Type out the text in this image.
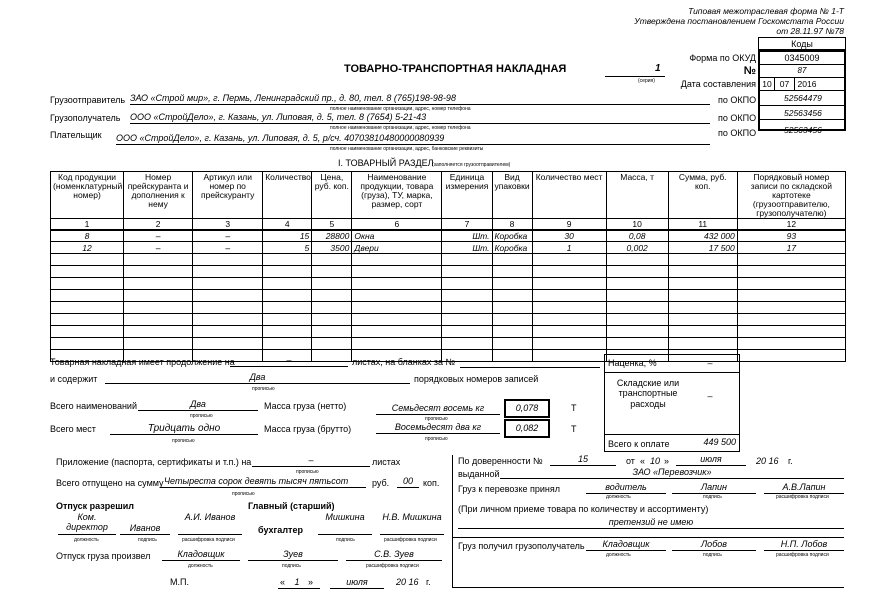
Типовая межотраслевая форма № 1-Т
Утверждена постановлением Госкомстата России
от 28.11.97 №78
Коды
ТОВАРНО-ТРАНСПОРТНАЯ НАКЛАДНАЯ	1
(серия)
Форма по ОКУД	0345009
№	87
Дата составления 10 07 2016
Грузоотправитель ЗАО «Строй мир», г. Пермь, Ленинградский пр., д. 80, тел. 8 (765)198-98-98
полное наименование организации, адрес, номер телефона
по ОКПО	52564479
Грузополучатель ООО «СтройДело», г. Казань, ул. Липовая, д. 5, тел. 8 (7654) 5-21-43
полное наименование организации, адрес, номер телефона
по ОКПО	52563456
Плательщик ООО «СтройДело», г. Казань, ул. Липовая, д. 5, р/сч. 40703810480000080939
полное наименование организации, адрес, банковские реквизиты
по ОКПО	52563456
I. ТОВАРНЫЙ РАЗДЕЛ
(заполняется грузоотправителем)
Код продукции (номенклатурный номер)	Номер прейскуранта и дополнения к нему	Артикул или номер по прейскуранту	Количество	Цена, руб. коп.	Наименование продукции, товара (груза), ТУ, марка, размер, сорт	Единица измерения	Вид упаковки	Количество мест	Масса, т	Сумма, руб. коп.	Порядковый номер записи по складской картотеке (грузоотправителю, грузополучателю)
1	2	3	4	5	6	7	8	9	10	11	12
8	–	–	15	28800	Окна	Шт.	Коробка	30	0,08	432 000	93
12	–	–	5	3500	Двери	Шт.	Коробка	1	0,002	17 500	17

Товарная накладная имеет продолжение на	–	листах, на бланках за №
и содержит	Два
прописью
порядковых номеров записей
Всего наименований	Два
прописью
Масса груза (нетто)	Семьдесят восемь кг
прописью
0,078	Т
Всего мест	Тридцать одно
прописью
Масса груза (брутто)	Восемьдесят два кг
прописью
0,082	Т
Наценка, %	–
Складские или транспортные расходы
–
Всего к оплате	449 500
Приложение (паспорта, сертификаты и т.п.) на	–
прописью
листах
Всего отпущено на сумму Четыреста сорок девять тысяч пятьсот
прописью
руб.	00	коп.
Отпуск разрешил
Ком. директор
должность
Иванов
подпись
А.И. Иванов
расшифровка подписи
Главный (старший)
бухгалтер
Мишкина
подпись
Н.В. Мишкина
расшифровка подписи
Отпуск груза произвел	Кладовщик
должность
Зуев
подпись
С.В. Зуев
расшифровка подписи
М.П.	«	1 »	июля	20 16 г.
По доверенности №	15	от « 10 »	июля	20 16 г.
выданной	ЗАО «Перевозчик»
Груз к перевозке принял	водитель
должность
Лапин
подпись
А.В.Лапин
расшифровка подписи
(При личном приеме товара по количеству и ассортименту)
претензий не имею
Груз получил грузополучатель	Кладовщик
должность
Лобов
подпись
Н.П. Лобов
расшифровка подписи
